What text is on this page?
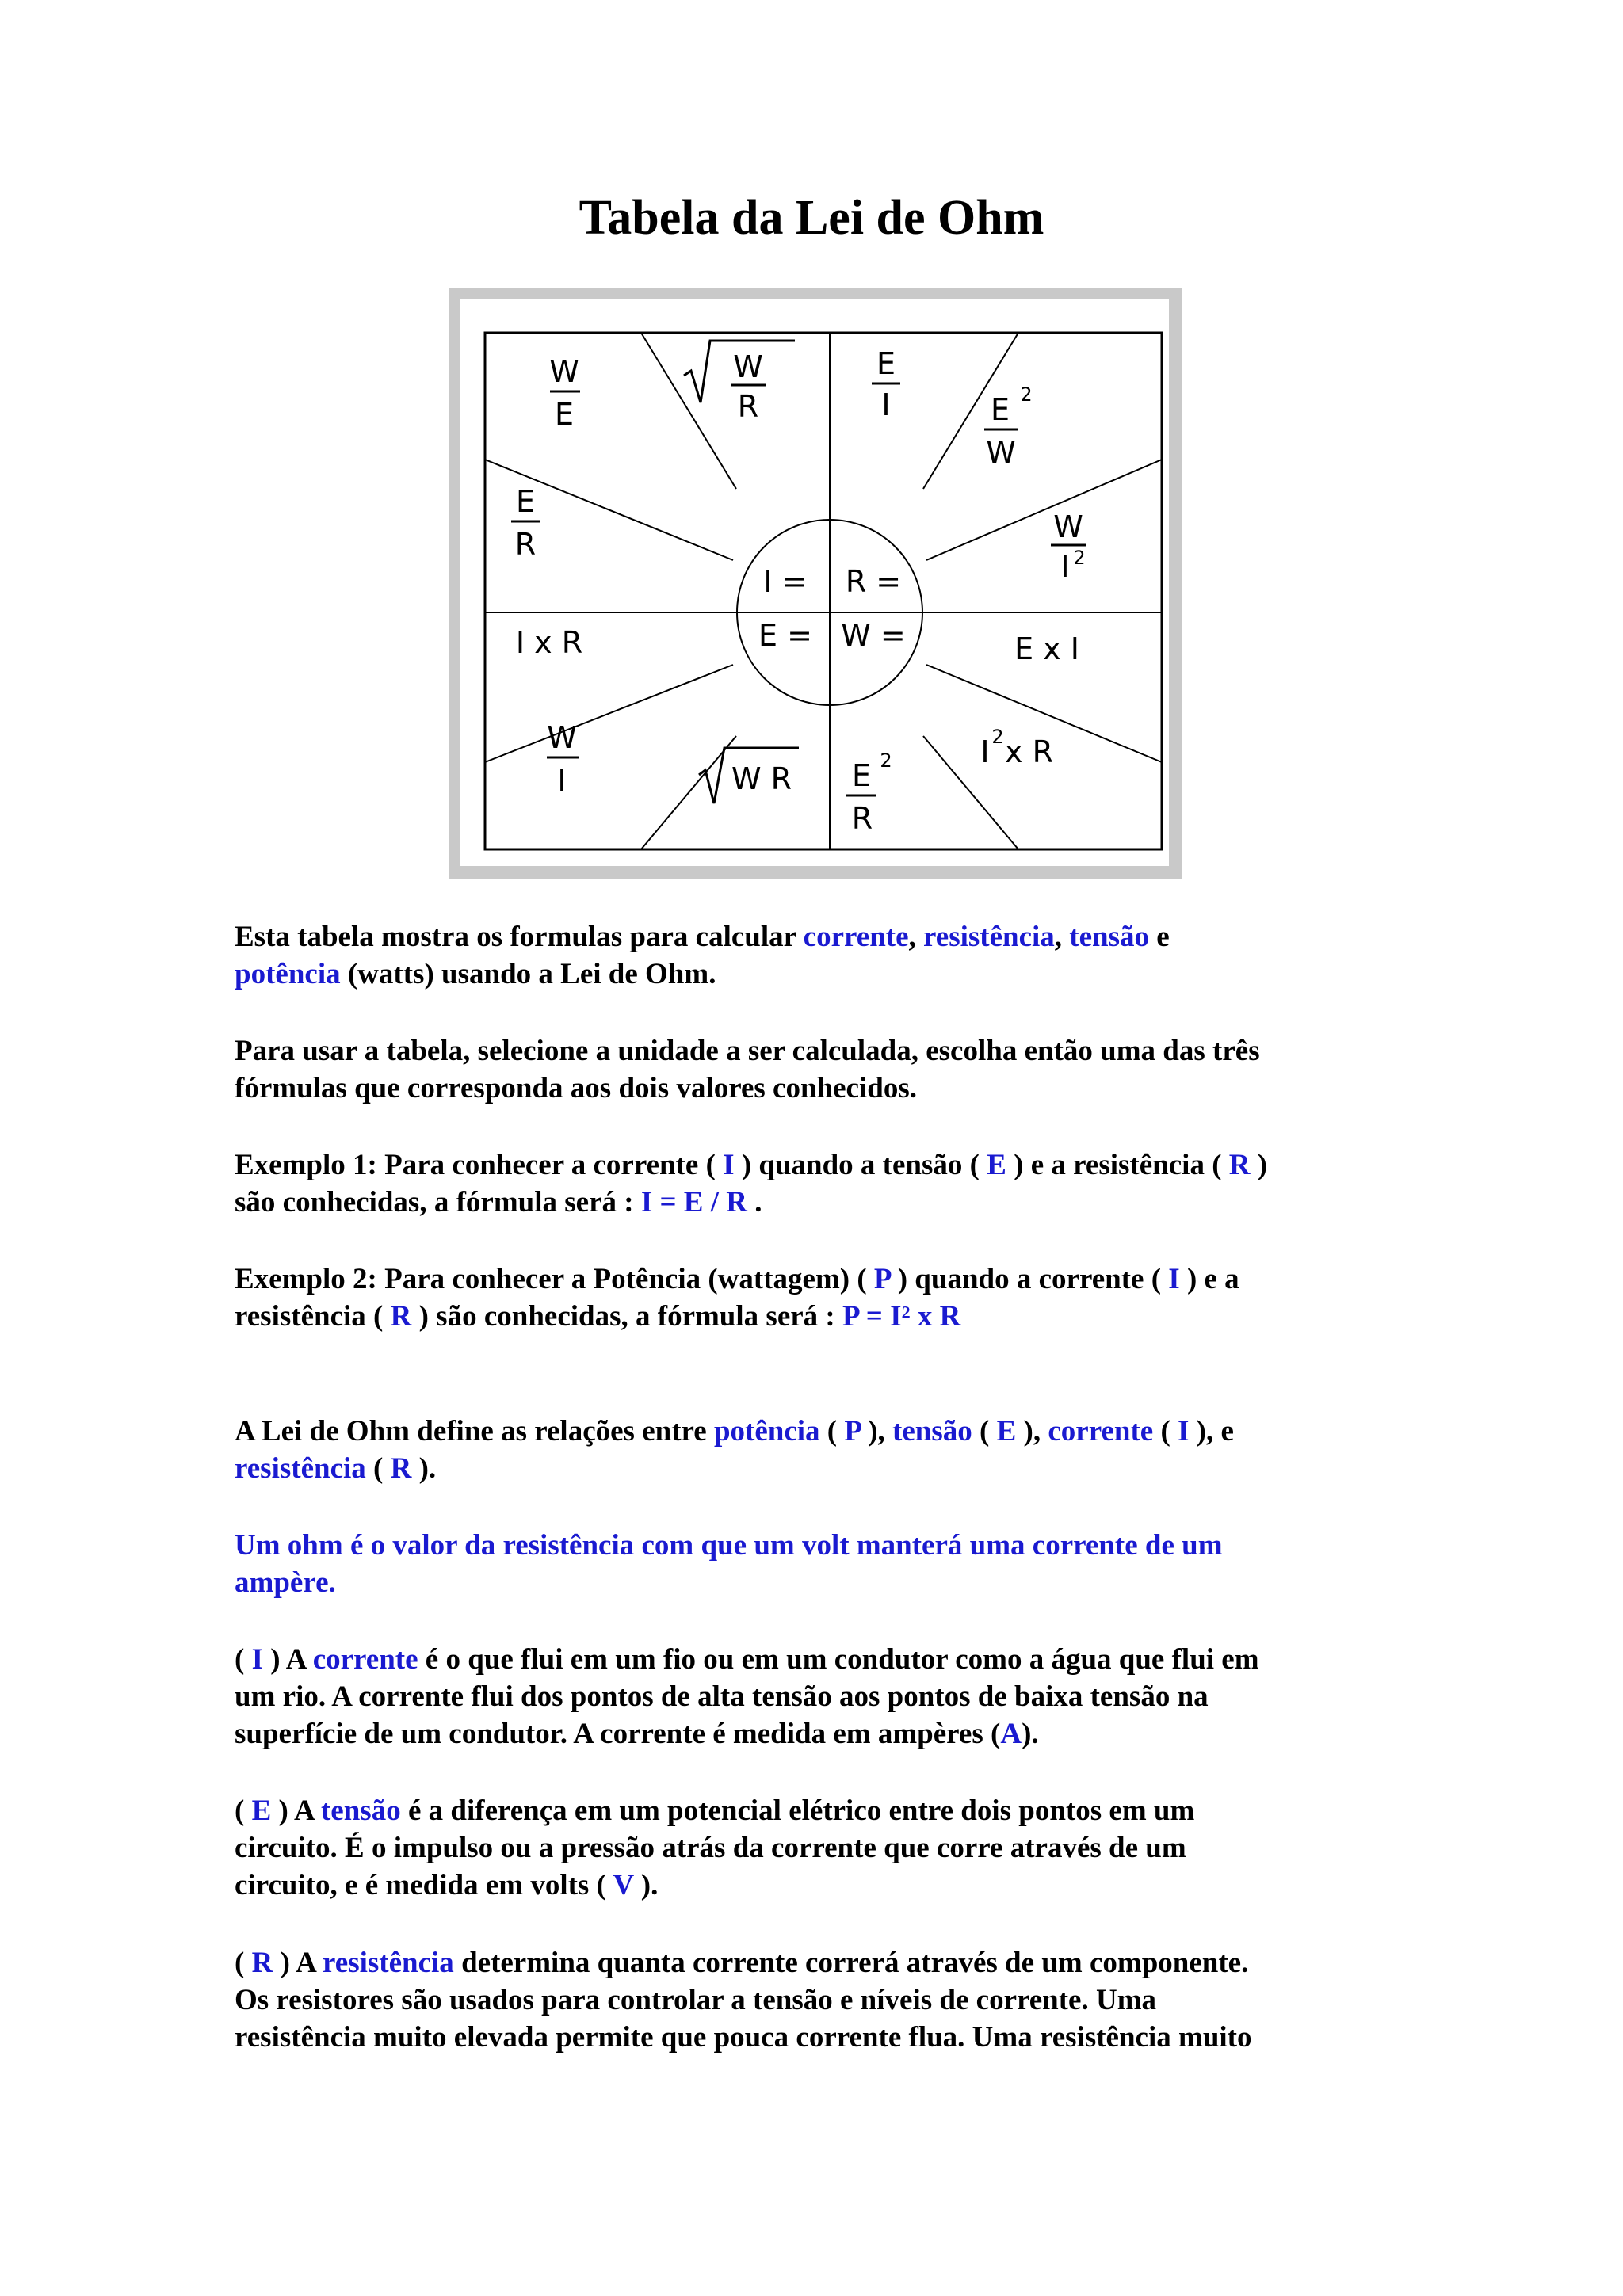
Tabela da Lei de Ohm
I = R =
E = W =
W
E
W
R
E
I	E 2
W
E
R	W
I 2
I x R	E x I
W
I	W R E 2
R
I 2 x R
Esta tabela mostra os formulas para calcular corrente, resistência, tensão e
potência (watts) usando a Lei de Ohm.
Para usar a tabela, selecione a unidade a ser calculada, escolha então uma das três
fórmulas que corresponda aos dois valores conhecidos.
Exemplo 1: Para conhecer a corrente ( I ) quando a tensão ( E ) e a resistência ( R )
são conhecidas, a fórmula será : I = E / R .
Exemplo 2: Para conhecer a Potência (wattagem) ( P ) quando a corrente ( I ) e a
resistência ( R ) são conhecidas, a fórmula será : P = I² x R
A Lei de Ohm define as relações entre potência ( P ), tensão ( E ), corrente ( I ), e
resistência ( R ).
Um ohm é o valor da resistência com que um volt manterá uma corrente de um
ampère.
( I ) A corrente é o que flui em um fio ou em um condutor como a água que flui em
um rio. A corrente flui dos pontos de alta tensão aos pontos de baixa tensão na
superfície de um condutor. A corrente é medida em ampères (A).
( E ) A tensão é a diferença em um potencial elétrico entre dois pontos em um
circuito. É o impulso ou a pressão atrás da corrente que corre através de um
circuito, e é medida em volts ( V ).
( R ) A resistência determina quanta corrente correrá através de um componente.
Os resistores são usados para controlar a tensão e níveis de corrente. Uma
resistência muito elevada permite que pouca corrente flua. Uma resistência muito
